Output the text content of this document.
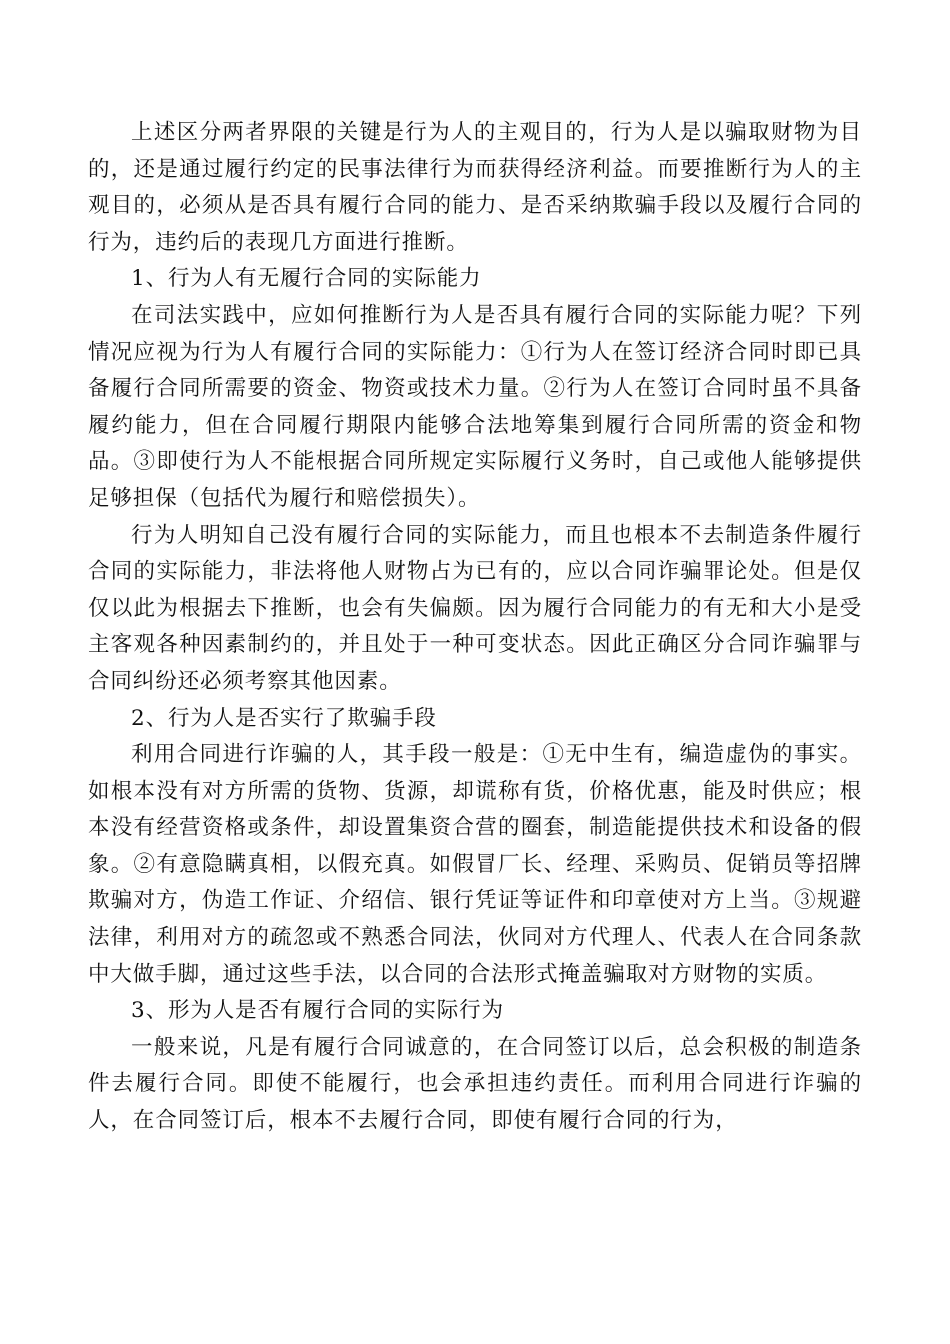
上述区分两者界限的关键是行为人的主观目的，行为人是以骗取财物为目的，还是通过履行约定的民事法律行为而获得经济利益。而要推断行为人的主观目的，必须从是否具有履行合同的能力、是否采纳欺骗手段以及履行合同的行为，违约后的表现几方面进行推断。

1、行为人有无履行合同的实际能力

在司法实践中，应如何推断行为人是否具有履行合同的实际能力呢？下列情况应视为行为人有履行合同的实际能力：①行为人在签订经济合同时即已具备履行合同所需要的资金、物资或技术力量。②行为人在签订合同时虽不具备履约能力，但在合同履行期限内能够合法地筹集到履行合同所需的资金和物品。③即使行为人不能根据合同所规定实际履行义务时，自己或他人能够提供足够担保（包括代为履行和赔偿损失）。

行为人明知自己没有履行合同的实际能力，而且也根本不去制造条件履行合同的实际能力，非法将他人财物占为已有的，应以合同诈骗罪论处。但是仅仅以此为根据去下推断，也会有失偏颇。因为履行合同能力的有无和大小是受主客观各种因素制约的，并且处于一种可变状态。因此正确区分合同诈骗罪与合同纠纷还必须考察其他因素。

2、行为人是否实行了欺骗手段

利用合同进行诈骗的人，其手段一般是：①无中生有，编造虚伪的事实。如根本没有对方所需的货物、货源，却谎称有货，价格优惠，能及时供应；根本没有经营资格或条件，却设置集资合营的圈套，制造能提供技术和设备的假象。②有意隐瞒真相，以假充真。如假冒厂长、经理、采购员、促销员等招牌欺骗对方，伪造工作证、介绍信、银行凭证等证件和印章使对方上当。③规避法律，利用对方的疏忽或不熟悉合同法，伙同对方代理人、代表人在合同条款中大做手脚，通过这些手法，以合同的合法形式掩盖骗取对方财物的实质。

3、形为人是否有履行合同的实际行为

一般来说，凡是有履行合同诚意的，在合同签订以后，总会积极的制造条件去履行合同。即使不能履行，也会承担违约责任。而利用合同进行诈骗的人，在合同签订后，根本不去履行合同，即使有履行合同的行为，
